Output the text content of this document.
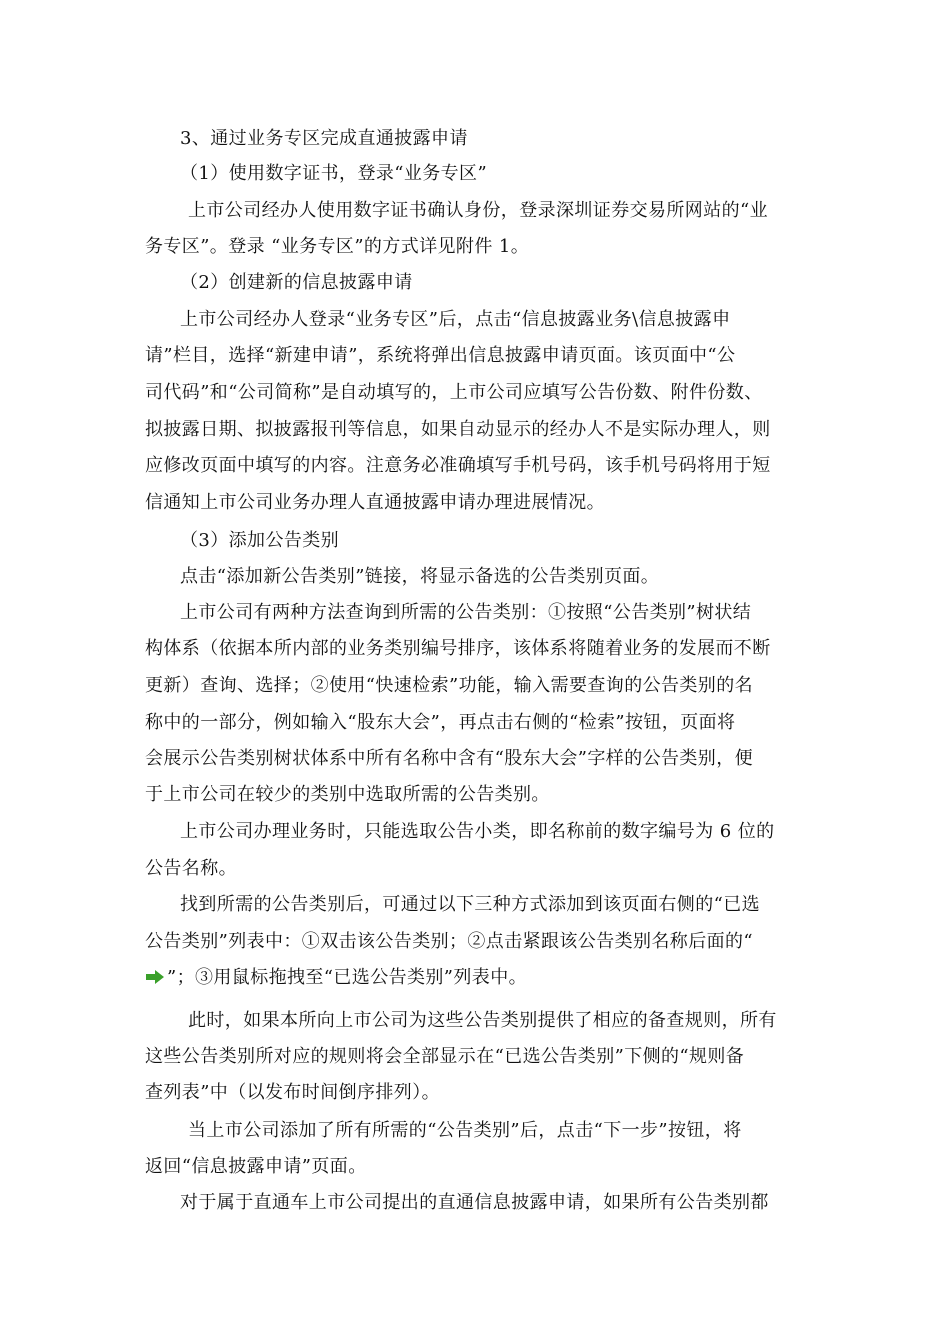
3、通过业务专区完成直通披露申请
（1）使用数字证书，登录“业务专区”
上市公司经办人使用数字证书确认身份，登录深圳证券交易所网站的“业
务专区”。登录 “业务专区”的方式详见附件 1。
（2）创建新的信息披露申请
上市公司经办人登录“业务专区”后，点击“信息披露业务\信息披露申
请”栏目，选择“新建申请”，系统将弹出信息披露申请页面。该页面中“公
司代码”和“公司简称”是自动填写的，上市公司应填写公告份数、附件份数、
拟披露日期、拟披露报刊等信息，如果自动显示的经办人不是实际办理人，则
应修改页面中填写的内容。注意务必准确填写手机号码，该手机号码将用于短
信通知上市公司业务办理人直通披露申请办理进展情况。
（3）添加公告类别
点击“添加新公告类别”链接，将显示备选的公告类别页面。
上市公司有两种方法查询到所需的公告类别：①按照“公告类别”树状结
构体系（依据本所内部的业务类别编号排序，该体系将随着业务的发展而不断
更新）查询、选择；②使用“快速检索”功能，输入需要查询的公告类别的名
称中的一部分，例如输入“股东大会”，再点击右侧的“检索”按钮，页面将
会展示公告类别树状体系中所有名称中含有“股东大会”字样的公告类别，便
于上市公司在较少的类别中选取所需的公告类别。
上市公司办理业务时，只能选取公告小类，即名称前的数字编号为 6 位的
公告名称。
找到所需的公告类别后，可通过以下三种方式添加到该页面右侧的“已选
公告类别”列表中：①双击该公告类别；②点击紧跟该公告类别名称后面的“
”；③用鼠标拖拽至“已选公告类别”列表中。
此时，如果本所向上市公司为这些公告类别提供了相应的备查规则，所有
这些公告类别所对应的规则将会全部显示在“已选公告类别”下侧的“规则备
查列表”中（以发布时间倒序排列）。
当上市公司添加了所有所需的“公告类别”后，点击“下一步”按钮，将
返回“信息披露申请”页面。
对于属于直通车上市公司提出的直通信息披露申请，如果所有公告类别都
